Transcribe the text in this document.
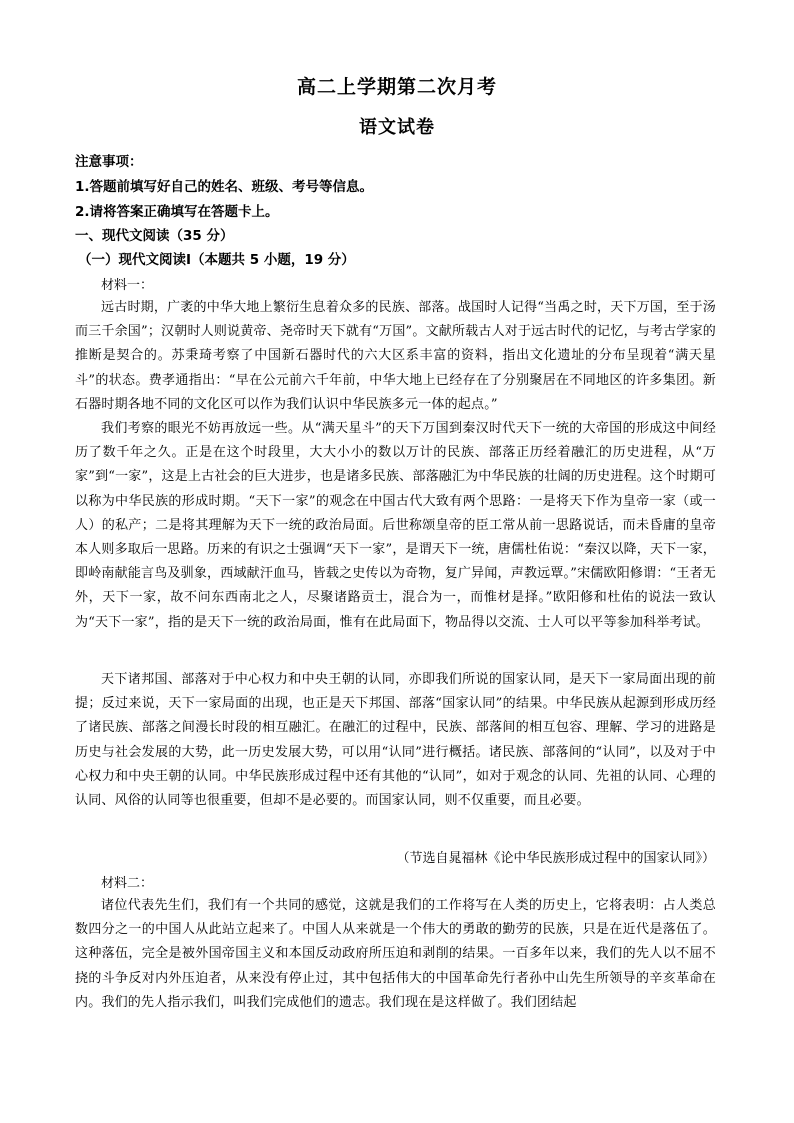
高二上学期第二次月考
语文试卷
注意事项：
1.答题前填写好自己的姓名、班级、考号等信息。
2.请将答案正确填写在答题卡上。
一、现代文阅读（35 分）
（一）现代文阅读Ⅰ（本题共 5 小题，19 分）
材料一：
远古时期，广袤的中华大地上繁衍生息着众多的民族、部落。战国时人记得“当禹之时，天下万国，至于汤而三千余国”；汉朝时人则说黄帝、尧帝时天下就有“万国”。文献所载古人对于远古时代的记忆，与考古学家的推断是契合的。苏秉琦考察了中国新石器时代的六大区系丰富的资料，指出文化遗址的分布呈现着“满天星斗”的状态。费孝通指出：“早在公元前六千年前，中华大地上已经存在了分别聚居在不同地区的许多集团。新石器时期各地不同的文化区可以作为我们认识中华民族多元一体的起点。”
我们考察的眼光不妨再放远一些。从“满天星斗”的天下万国到秦汉时代天下一统的大帝国的形成这中间经历了数千年之久。正是在这个时段里，大大小小的数以万计的民族、部落正历经着融汇的历史进程，从“万家”到“一家”，这是上古社会的巨大进步，也是诸多民族、部落融汇为中华民族的壮阔的历史进程。这个时期可以称为中华民族的形成时期。“天下一家”的观念在中国古代大致有两个思路：一是将天下作为皇帝一家（或一人）的私产；二是将其理解为天下一统的政治局面。后世称颂皇帝的臣工常从前一思路说话，而未昏庸的皇帝本人则多取后一思路。历来的有识之士强调“天下一家”，是谓天下一统，唐儒杜佑说：“秦汉以降，天下一家，即岭南献能言鸟及驯象，西域献汗血马，皆载之史传以为奇物，复广异闻，声教远覃。”宋儒欧阳修谓：“王者无外，天下一家，故不问东西南北之人，尽聚诸路贡士，混合为一，而惟材是择。”欧阳修和杜佑的说法一致认为“天下一家”，指的是天下一统的政治局面，惟有在此局面下，物品得以交流、士人可以平等参加科举考试。
天下诸邦国、部落对于中心权力和中央王朝的认同，亦即我们所说的国家认同，是天下一家局面出现的前提；反过来说，天下一家局面的出现，也正是天下邦国、部落“国家认同”的结果。中华民族从起源到形成历经了诸民族、部落之间漫长时段的相互融汇。在融汇的过程中，民族、部落间的相互包容、理解、学习的进路是历史与社会发展的大势，此一历史发展大势，可以用“认同”进行概括。诸民族、部落间的“认同”，以及对于中心权力和中央王朝的认同。中华民族形成过程中还有其他的“认同”，如对于观念的认同、先祖的认同、心理的认同、风俗的认同等也很重要，但却不是必要的。而国家认同，则不仅重要，而且必要。
（节选自晁福林《论中华民族形成过程中的国家认同》）
材料二：
诸位代表先生们，我们有一个共同的感觉，这就是我们的工作将写在人类的历史上，它将表明：占人类总数四分之一的中国人从此站立起来了。中国人从来就是一个伟大的勇敢的勤劳的民族，只是在近代是落伍了。这种落伍，完全是被外国帝国主义和本国反动政府所压迫和剥削的结果。一百多年以来，我们的先人以不屈不挠的斗争反对内外压迫者，从来没有停止过，其中包括伟大的中国革命先行者孙中山先生所领导的辛亥革命在内。我们的先人指示我们，叫我们完成他们的遗志。我们现在是这样做了。我们团结起
